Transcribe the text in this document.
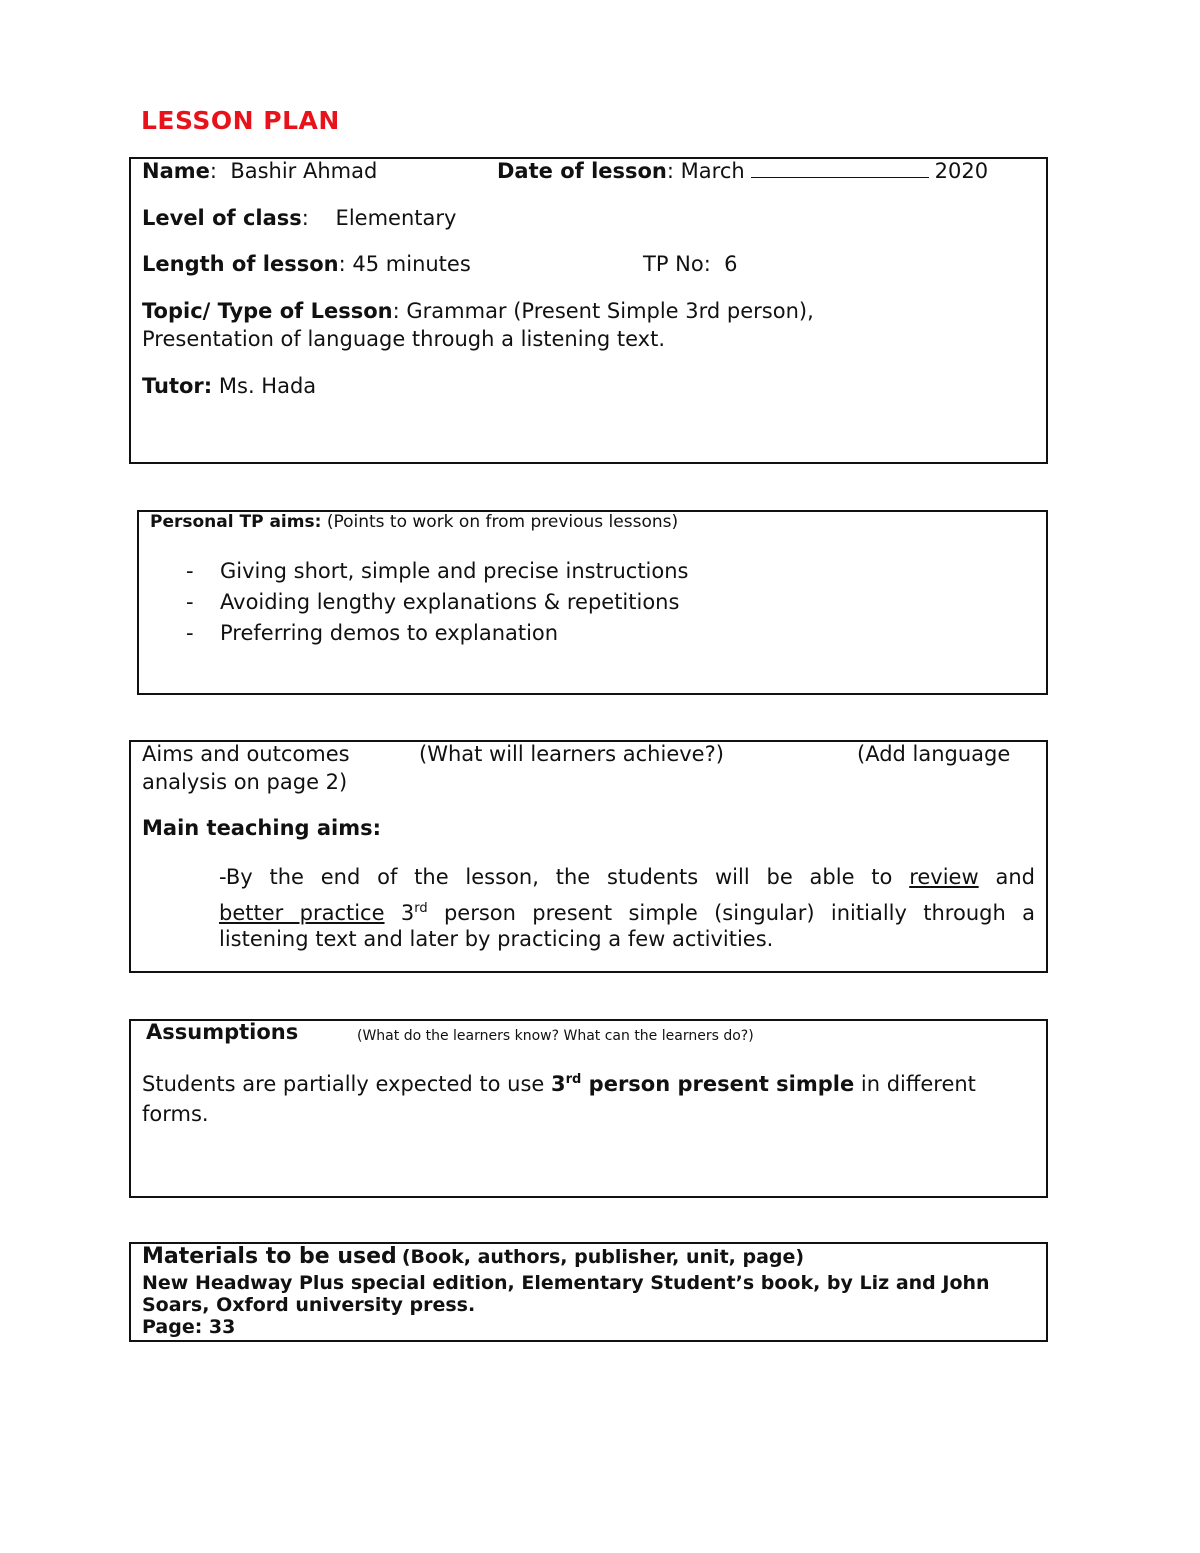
LESSON PLAN
Name:  Bashir Ahmad	Date of lesson: March	2020
Level of class:    Elementary
Length of lesson: 45 minutes	TP No: 6
Topic/ Type of Lesson: Grammar (Present Simple 3rd person),
Presentation of language through a listening text.
Tutor: Ms. Hada
Personal TP aims: (Points to work on from previous lessons)
- Giving short, simple and precise instructions
- Avoiding lengthy explanations & repetitions
- Preferring demos to explanation
Aims and outcomes	(What will learners achieve?)	(Add language
analysis on page 2)
Main teaching aims:
-By the end of the lesson, the students will be able to review and
better practice 3rd person present simple (singular) initially through a
listening text and later by practicing a few activities.
Assumptions	(What do the learners know? What can the learners do?)
Students are partially expected to use 3rd person present simple in different
forms.
Materials to be used (Book, authors, publisher, unit, page)
New Headway Plus special edition, Elementary Student’s book, by Liz and John
Soars, Oxford university press.
Page: 33
